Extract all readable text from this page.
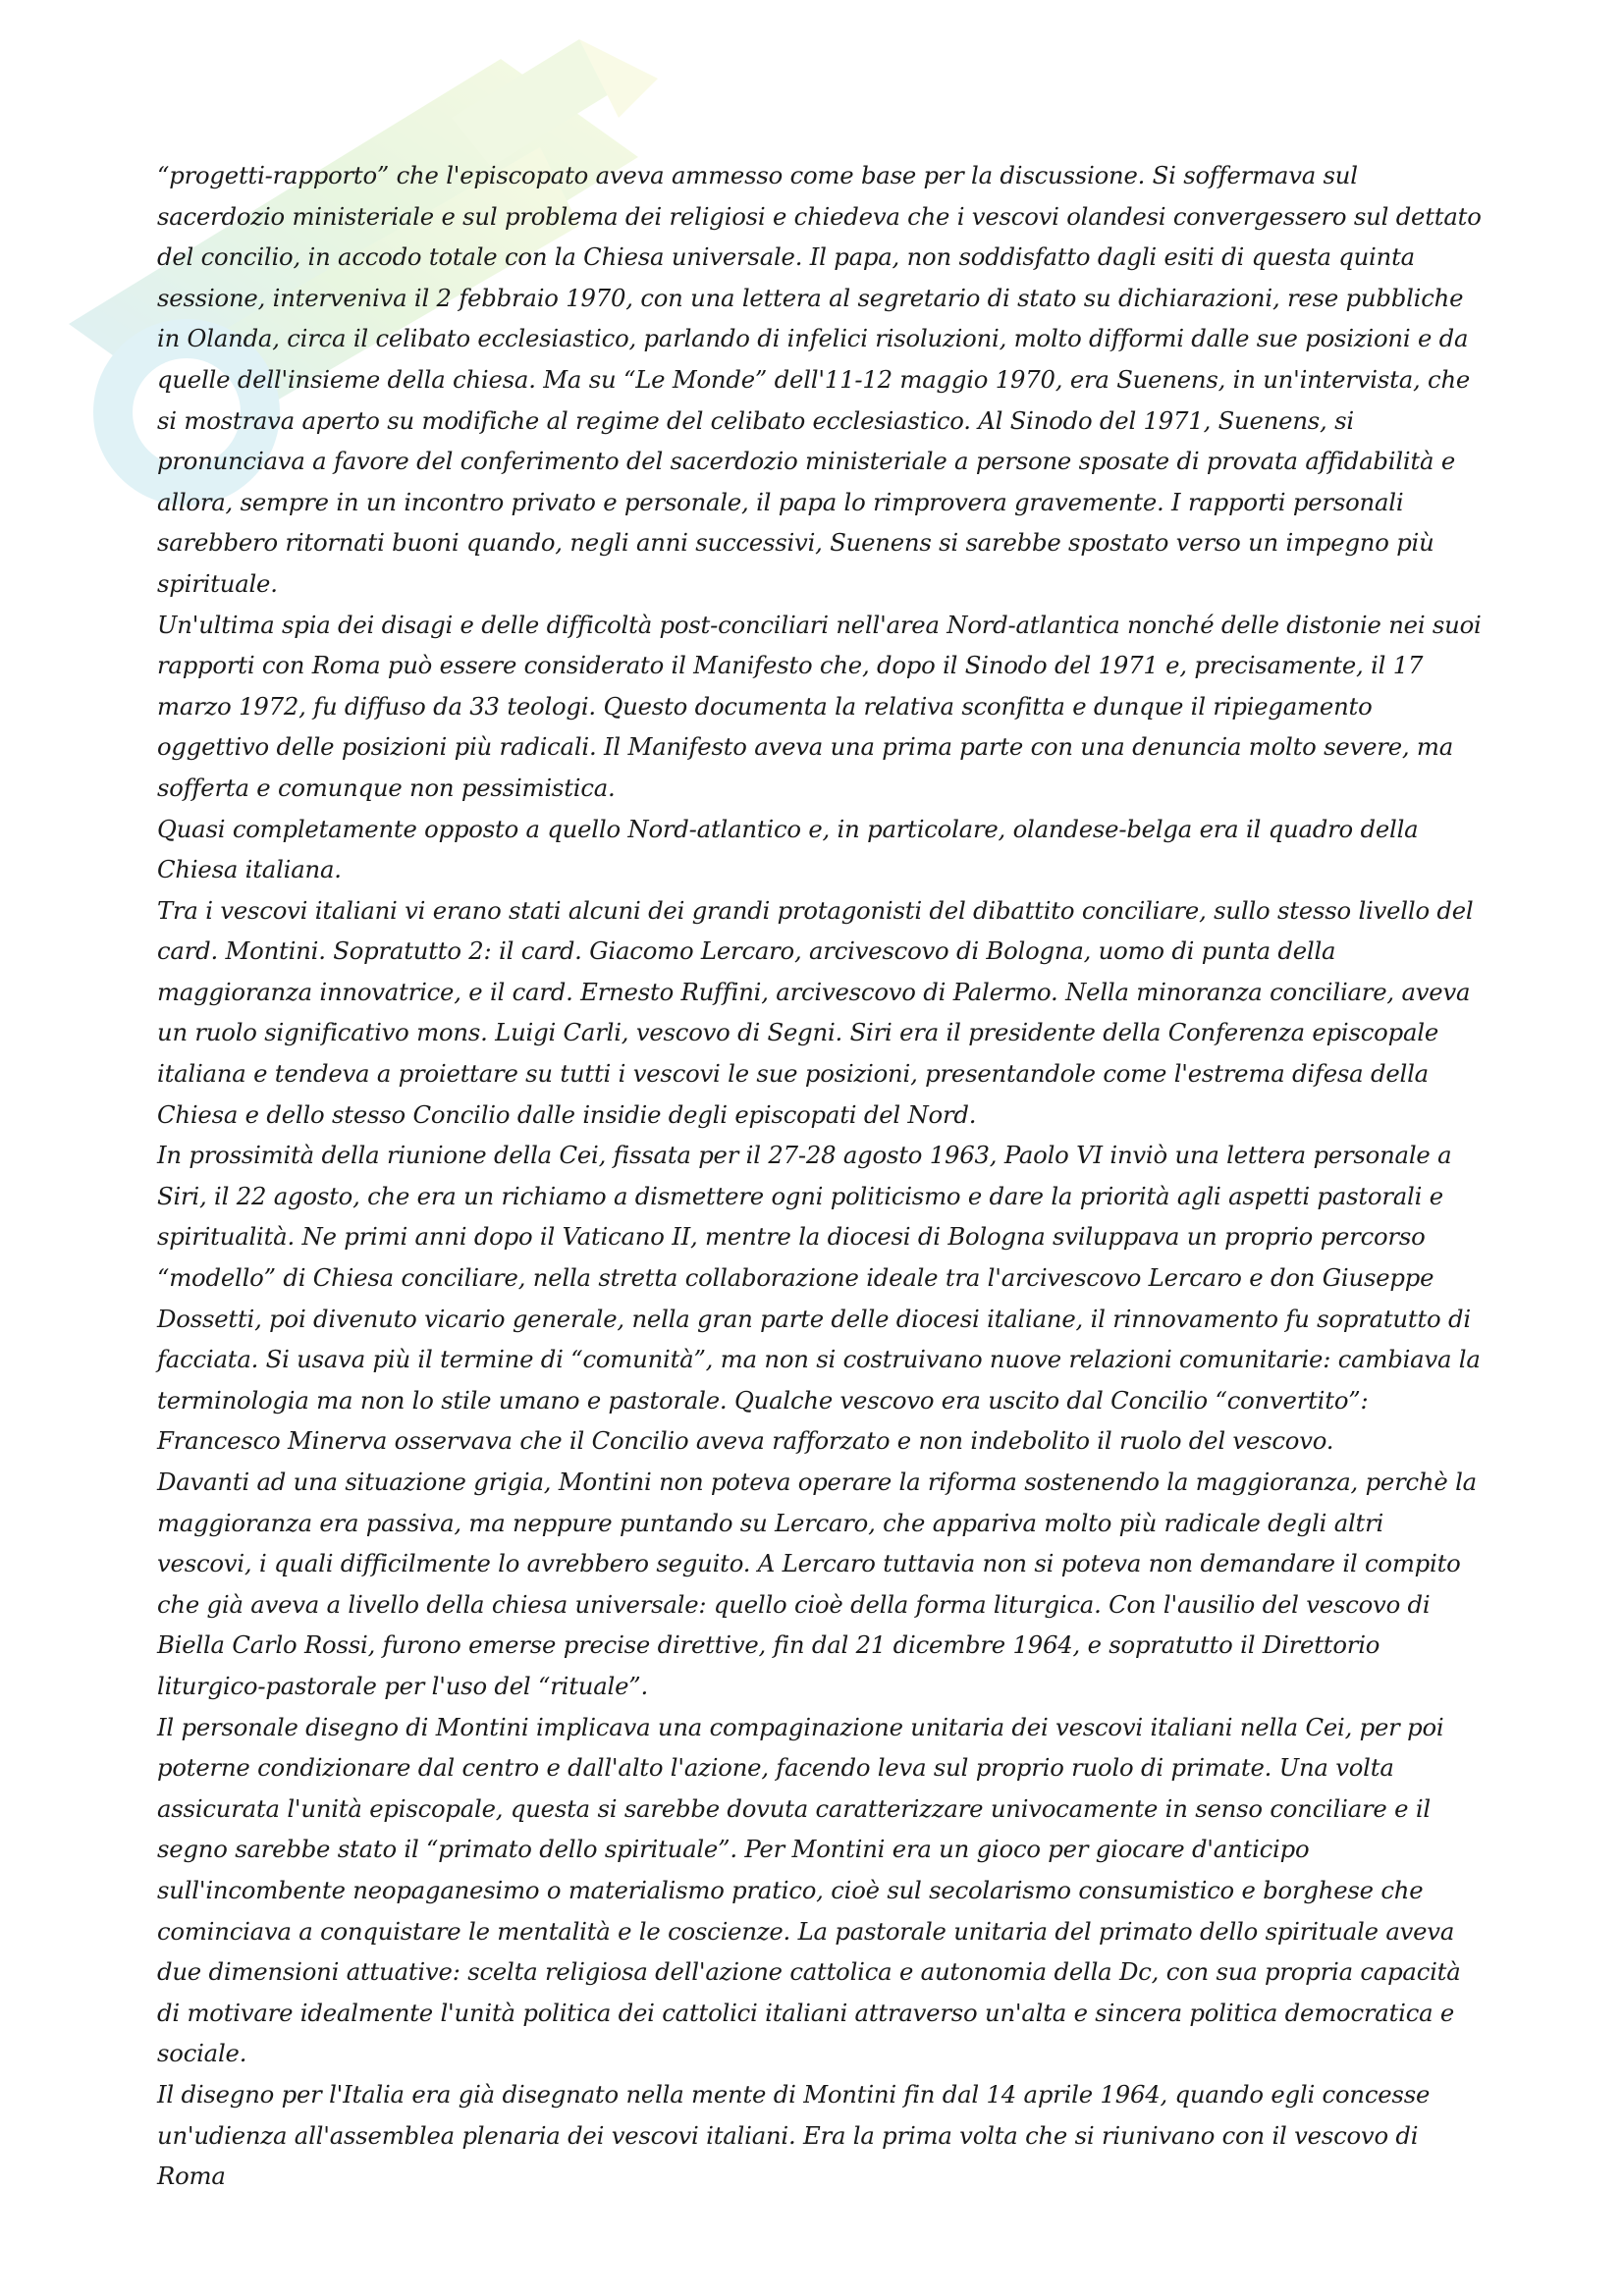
“progetti-rapporto” che l'episcopato aveva ammesso come base per la discussione. Si soffermava sul sacerdozio ministeriale e sul problema dei religiosi e chiedeva che i vescovi olandesi convergessero sul dettato del concilio, in accodo totale con la Chiesa universale. Il papa, non soddisfatto dagli esiti di questa quinta sessione, interveniva il 2 febbraio 1970, con una lettera al segretario di stato su dichiarazioni, rese pubbliche in Olanda, circa il celibato ecclesiastico, parlando di infelici risoluzioni, molto difformi dalle sue posizioni e da quelle dell'insieme della chiesa. Ma su “Le Monde” dell'11-12 maggio 1970, era Suenens, in un'intervista, che si mostrava aperto su modifiche al regime del celibato ecclesiastico. Al Sinodo del 1971, Suenens, si pronunciava a favore del conferimento del sacerdozio ministeriale a persone sposate di provata affidabilità e allora, sempre in un incontro privato e personale, il papa lo rimprovera gravemente. I rapporti personali sarebbero ritornati buoni quando, negli anni successivi, Suenens si sarebbe spostato verso un impegno più spirituale.

Un'ultima spia dei disagi e delle difficoltà post-conciliari nell'area Nord-atlantica nonché delle distonie nei suoi rapporti con Roma può essere considerato il Manifesto che, dopo il Sinodo del 1971 e, precisamente, il 17 marzo 1972, fu diffuso da 33 teologi. Questo documenta la relativa sconfitta e dunque il ripiegamento oggettivo delle posizioni più radicali. Il Manifesto aveva una prima parte con una denuncia molto severe, ma sofferta e comunque non pessimistica.

Quasi completamente opposto a quello Nord-atlantico e, in particolare, olandese-belga era il quadro della Chiesa italiana.

Tra i vescovi italiani vi erano stati alcuni dei grandi protagonisti del dibattito conciliare, sullo stesso livello del card. Montini. Sopratutto 2: il card. Giacomo Lercaro, arcivescovo di Bologna, uomo di punta della maggioranza innovatrice, e il card. Ernesto Ruffini, arcivescovo di Palermo. Nella minoranza conciliare, aveva un ruolo significativo mons. Luigi Carli, vescovo di Segni. Siri era il presidente della Conferenza episcopale italiana e tendeva a proiettare su tutti i vescovi le sue posizioni, presentandole come l'estrema difesa della Chiesa e dello stesso Concilio dalle insidie degli episcopati del Nord.

In prossimità della riunione della Cei, fissata per il 27-28 agosto 1963, Paolo VI inviò una lettera personale a Siri, il 22 agosto, che era un richiamo a dismettere ogni politicismo e dare la priorità agli aspetti pastorali e spiritualità. Ne primi anni dopo il Vaticano II, mentre la diocesi di Bologna sviluppava un proprio percorso “modello” di Chiesa conciliare, nella stretta collaborazione ideale tra l'arcivescovo Lercaro e don Giuseppe Dossetti, poi divenuto vicario generale, nella gran parte delle diocesi italiane, il rinnovamento fu sopratutto di facciata. Si usava più il termine di “comunità”, ma non si costruivano nuove relazioni comunitarie: cambiava la terminologia ma non lo stile umano e pastorale. Qualche vescovo era uscito dal Concilio “convertito”: Francesco Minerva osservava che il Concilio aveva rafforzato e non indebolito il ruolo del vescovo.

Davanti ad una situazione grigia, Montini non poteva operare la riforma sostenendo la maggioranza, perchè la maggioranza era passiva, ma neppure puntando su Lercaro, che appariva molto più radicale degli altri vescovi, i quali difficilmente lo avrebbero seguito. A Lercaro tuttavia non si poteva non demandare il compito che già aveva a livello della chiesa universale: quello cioè della forma liturgica. Con l'ausilio del vescovo di Biella Carlo Rossi, furono emerse precise direttive, fin dal 21 dicembre 1964, e sopratutto il Direttorio liturgico-pastorale per l'uso del “rituale”.

Il personale disegno di Montini implicava una compaginazione unitaria dei vescovi italiani nella Cei, per poi poterne condizionare dal centro e dall'alto l'azione, facendo leva sul proprio ruolo di primate. Una volta assicurata l'unità episcopale, questa si sarebbe dovuta caratterizzare univocamente in senso conciliare e il segno sarebbe stato il “primato dello spirituale”. Per Montini era un gioco per giocare d'anticipo sull'incombente neopaganesimo o materialismo pratico, cioè sul secolarismo consumistico e borghese che cominciava a conquistare le mentalità e le coscienze. La pastorale unitaria del primato dello spirituale aveva due dimensioni attuative: scelta religiosa dell'azione cattolica e autonomia della Dc, con sua propria capacità di motivare idealmente l'unità politica dei cattolici italiani attraverso un'alta e sincera politica democratica e sociale.

Il disegno per l'Italia era già disegnato nella mente di Montini fin dal 14 aprile 1964, quando egli concesse un'udienza all'assemblea plenaria dei vescovi italiani. Era la prima volta che si riunivano con il vescovo di Roma
